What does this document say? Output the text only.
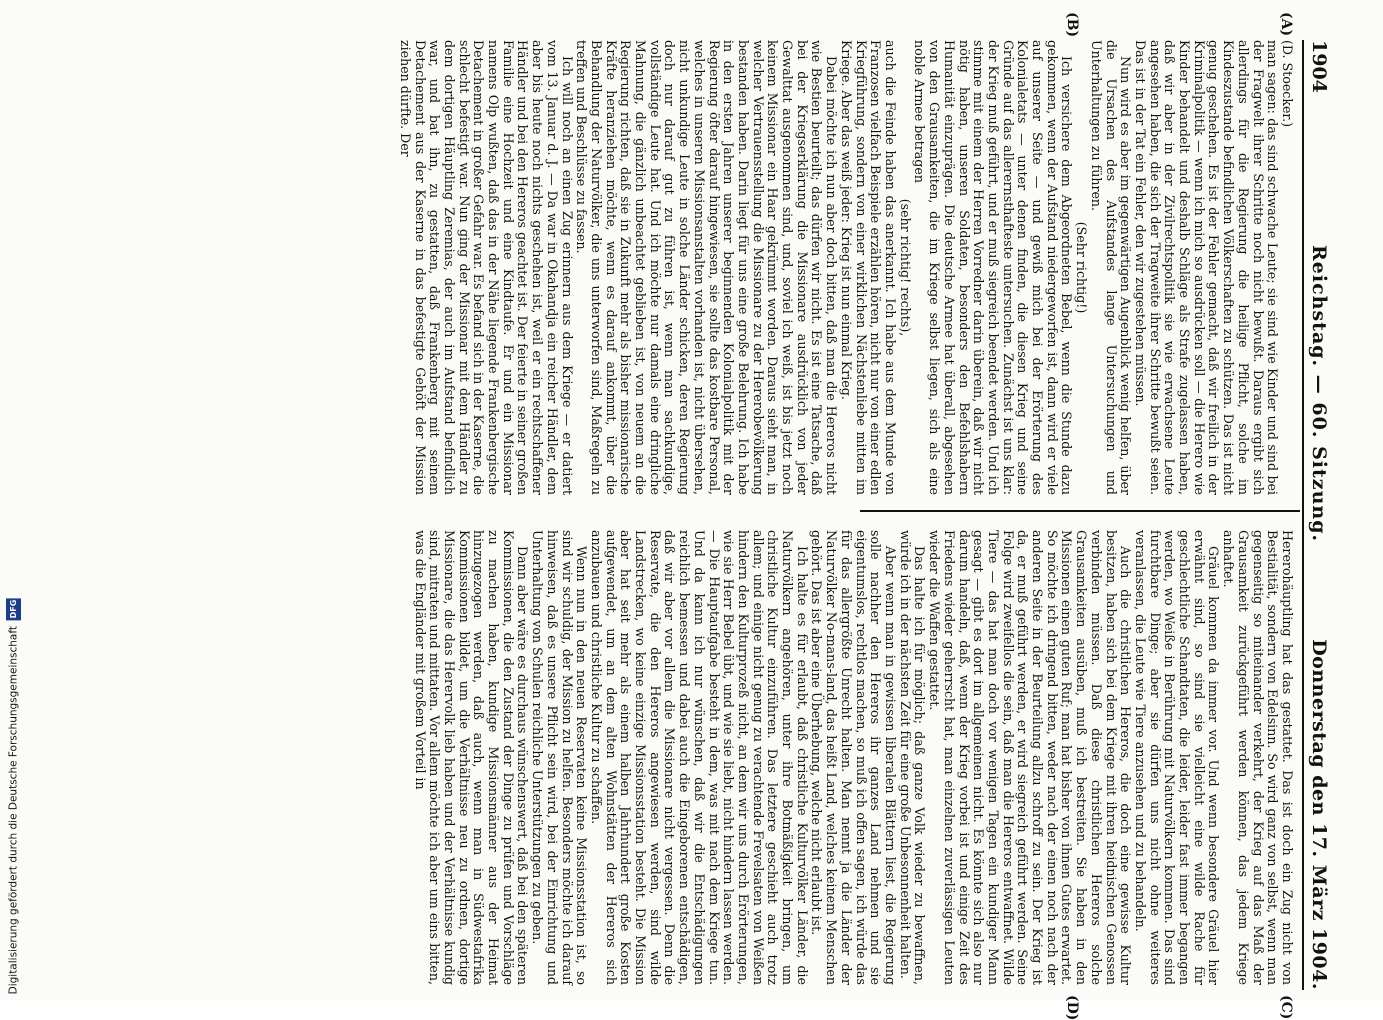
1904
Reichstag. — 60. Sitzung.
Donnerstag den 17. März 1904.
(A)
(B)
(C)
(D)

(D. Stoecker.)

man sagen: das sind schwache Leute; sie sind wie Kinder und sind bei der Fragwelt ihrer Schritte noch nicht bewußt. Daraus ergibt sich allerdings für die Regierung die heilige Pflicht, solche im Kindeszustande befindlichen Völkerschaften zu schützen. Das ist nicht genug geschehen. Es ist der Fehler gemacht, daß wir freilich in der Kriminalpolitik — wenn ich mich so ausdrücken soll — die Herero wie Kinder behandelt und deshalb Schläge als Strafe zugelassen haben, daß wir aber in der Zivilrechtspolitik sie wie erwachsene Leute angesehen haben, die sich der Tragweite ihrer Schritte bewußt seien. Das ist in der Tat ein Fehler, den wir zugestehen müssen.

Nun wird es aber im gegenwärtigen Augenblick wenig helfen, über die Ursachen des Aufstandes lange Untersuchungen und Unterhaltungen zu führen.

(Sehr richtig!)

Ich versichere dem Abgeordneten Bebel, wenn die Stunde dazu gekommen, wenn der Aufstand niedergeworfen ist, dann wird er viele auf unserer Seite — und gewiß mich bei der Erörterung des Kolonialetats — unter denen finden, die diesen Krieg und seine Gründe auf das allerernsthafteste untersuchen. Zunächst ist uns klar: der Krieg muß geführt, und er muß siegreich beendet werden. Und ich stimme mit einem der Herren Vorredner darin überein, daß wir nicht nötig haben, unseren Soldaten, besonders den Befehlshabern Humanität einzuprägen. Die deutsche Armee hat überall, abgesehen von den Grausamkeiten, die im Kriege selbst liegen, sich als eine noble Armee betragen

(sehr richtig! rechts),

auch die Feinde haben das anerkannt. Ich habe aus dem Munde von Franzosen vielfach Beispiele erzählen hören, nicht nur von einer edlen Kriegführung, sondern von einer wirklichen Nächstenliebe mitten im Kriege. Aber das weiß jeder: Krieg ist nun einmal Krieg.

Dabei möchte ich nun aber doch bitten, daß man die Hereros nicht wie Bestien beurteilt; das dürfen wir nicht. Es ist eine Tatsache, daß bei der Kriegserklärung die Missionare ausdrücklich von jeder Gewalttat ausgenommen sind, und, soviel ich weiß, ist bis jetzt noch keinem Missionar ein Haar gekrümmt worden. Daraus sieht man, in welcher Vertrauensstellung die Missionare zu der Hererobevölkerung bestanden haben. Darin liegt für uns eine große Belehrung. Ich habe in den ersten Jahren unserer beginnenden Kolonialpolitik mit der Regierung öfter darauf hingewiesen, sie sollte das kostbare Personal, welches in unseren Missionsanstalten vorhanden ist, nicht übersehen, nicht unkundige Leute in solche Länder schicken, deren Regierung doch nur darauf gut zu führen ist, wenn man sachkundige, vollständige Leute hat. Und ich möchte nur damals eine dringliche Mahnung, die gänzlich unbeachtet geblieben ist, von neuem an die Regierung richten, daß sie in Zukunft mehr als bisher missionarische Kräfte heranziehen möchte, wenn es darauf ankommt, über die Behandlung der Naturvölker, die uns unterworfen sind, Maßregeln zu treffen und Beschlüsse zu fassen.

Ich will noch an einen Zug erinnern aus dem Kriege — er datiert vom 13. Januar d. J. — Da war in Okahandja ein reicher Händler, dem aber bis heute noch nichts geschehen ist, weil er ein rechtschaffener Händler und bei den Hereros geachtet ist. Der feierte in seiner großen Familie eine Hochzeit und eine Kindtaufe. Er und ein Missionar namens Olp wußten, daß das in der Nähe liegende Frankenbergische Detachement in großer Gefahr war. Es befand sich in der Kaserne, die schlecht befestigt war. Nun ging der Missionar mit dem Händler zu dem dortigen Häuptling Zeremias, der auch im Aufstand befindlich war, und bat ihn, zu gestatten, daß Frankenberg mit seinem Detachement aus der Kaserne in das befestigte Gehöft der Mission ziehen dürfte. Der

Hererohäuptling hat das gestattet. Das ist doch ein Zug nicht von Bestialität, sondern von Edelsinn. So wird ganz von selbst, wenn man gegenseitig so miteinander verkehrt, der Krieg auf das Maß der Grausamkeit zurückgeführt werden können, das jedem Kriege anhaftet.

Gräuel kommen da immer vor. Und wenn besondere Gräuel hier erwähnt sind, so sind sie vielleicht eine wilde Rache für geschlechtliche Schandtaten, die leider, leider fast immer begangen werden, wo Weiße in Berührung mit Naturvölkern kommen. Das sind furchtbare Dinge; aber sie dürfen uns nicht ohne weiteres veranlassen, die Leute wie Tiere anzusehen und zu behandeln.

Auch die christlichen Hereros, die doch eine gewisse Kultur besitzen, haben sich bei dem Kriege mit ihren heidnischen Genossen verbinden müssen. Daß diese christlichen Hereros solche Grausamkeiten ausüben, muß ich bestreiten. Sie haben in den Missionen einen guten Ruf; man hat bisher von ihnen Gutes erwartet. So möchte ich dringend bitten, weder nach der einen noch nach der anderen Seite in der Beurteilung allzu schroff zu sein. Der Krieg ist da, er muß geführt werden, er wird siegreich geführt werden. Seine Folge wird zweifellos die sein, daß man die Hereros entwaffnet. Wilde Tiere — das hat man doch vor wenigen Tagen ein kundiger Mann gesagt — gibt es dort im allgemeinen nicht. Es könnte sich also nur darum handeln, daß, wenn der Krieg vorbei ist und einige Zeit des Friedens wieder geherrscht hat, man einzelnen zuverlässigen Leuten wieder die Waffen gestattet.

Das halte ich für möglich; daß ganze Volk wieder zu bewaffnen, würde ich in der nächsten Zeit für eine große Unbesonnenheit halten.

Aber wenn man in gewissen liberalen Blättern liest, die Regierung solle nachher den Hereros ihr ganzes Land nehmen und sie eigentumslos, rechtlos machen, so muß ich offen sagen, ich würde das für das allergrößte Unrecht halten. Man nennt ja die Länder der Naturvölker No-mans-land, das heißt Land, welches keinem Menschen gehört. Das ist aber eine Überhebung, welche nicht erlaubt ist.

Ich halte es für erlaubt, daß christliche Kulturvölker Länder, die Naturvölkern angehören, unter ihre Botmäßigkeit bringen, um christliche Kultur einzuführen. Das letztere geschieht auch trotz allem; und einige nicht genug zu verachtende Frevelsaten von Weißen hindern den Kulturprozeß nicht, an dem wir uns durch Erörterungen, wie sie Herr Bebel übt, und wie sie liebt, nicht hindern lassen werden. — Die Hauptaufgabe besteht in dem, was mit nach dem Kriege tun. Und da kann ich nur wünschen, daß wir die Entschädigungen reichlich bemessen und dabei auch die Eingeborenen entschädigen, daß wir aber vor allem die Missionare nicht vergessen. Denn die Reservate, die den Hereros angewiesen werden, sind wilde Landstrecken, wo keine einzige Missionsstation besteht. Die Mission aber hat seit mehr als einem halben Jahrhundert große Kosten aufgewendet, um an dem alten Wohnstätten der Hereros sich anzubauen und christliche Kultur zu schaffen.

Wenn nun in den neuen Reservaten keine Missionsstation ist, so sind wir schuldig, der Mission zu helfen. Besonders möchte ich darauf hinweisen, daß es unsere Pflicht sein wird, bei der Einrichtung und Unterhaltung von Schulen reichliche Unterstützungen zu geben.

Dann aber wäre es durchaus wünschenswert, daß bei den späteren Kommissionen, die den Zustand der Dinge zu prüfen und Vorschläge zu machen haben, kundige Missionsmänner aus der Heimat hinzugezogen werden, daß auch, wenn man in Südwestafrika Kommissionen bildet, um die Verhältnisse neu zu ordnen, dortige Missionare, die das Herervolk lieb haben und der Verhältnisse kundig sind, mitraten und mittaten. Vor allem möchte ich aber um eins bitten, was die Engländer mit großem Vorteil in

Digitalisierung gefördert durch die Deutsche Forschungsgemeinschaft
DFG
